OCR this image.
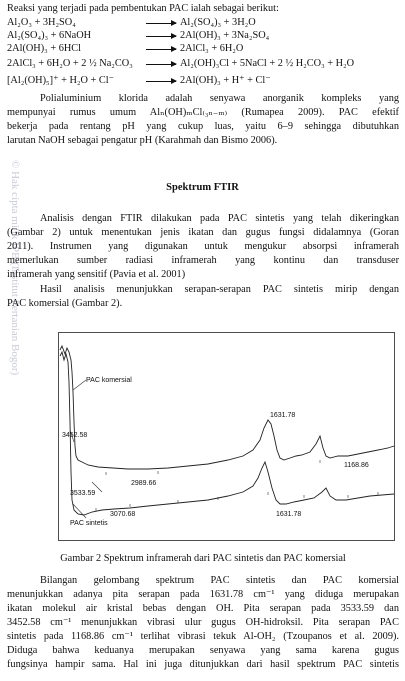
© Hak cipta milik IPB (Institut Pertanian Bogor)
Reaksi yang terjadi pada pembentukan PAC ialah sebagai berikut:
Al₂O₃ + 3H₂SO₄	→ Al₂(SO₄)₃ + 3H₂O
Al₂(SO₄)₃ + 6NaOH	→ 2Al(OH)₃ + 3Na₂SO₄
2Al(OH)₃ + 6HCl	→ 2AlCl₃ + 6H₂O
2AlCl₃ + 6H₂O + 2 ½ Na₂CO₃ → Al₂(OH)₃Cl + 5NaCl + 2 ½ H₂CO₃ + H₂O
[Al₂(OH)₅]⁺ + H₂O + Cl⁻ → 2Al(OH)₃ + H⁺ + Cl⁻
Polialuminium klorida adalah senyawa anorganik kompleks yang
mempunyai rumus umum Alₙ(OH)ₘCl₍₃ₙ₋ₘ₎ (Rumapea 2009). PAC efektif
bekerja pada rentang pH yang cukup luas, yaitu 6–9 sehingga dibutuhkan
larutan NaOH sebagai pengatur pH (Karahmah dan Bismo 2006).
Spektrum FTIR
Analisis dengan FTIR dilakukan pada PAC sintetis yang telah dikeringkan
(Gambar 2) untuk menentukan jenis ikatan dan gugus fungsi didalamnya (Goran
2011). Instrumen yang digunakan untuk mengukur absorpsi inframerah
memerlukan sumber radiasi inframerah yang kontinu dan transduser
inframerah yang sensitif (Pavia et al. 2001)
Hasil analisis menunjukkan serapan-serapan PAC sintetis mirip dengan
PAC komersial (Gambar 2).
PAC komersial
3452.58
2989.66
1631.78
1168.86
3533.59
3070.68	1631.78
PAC sintetis
Gambar 2 Spektrum inframerah dari PAC sintetis dan PAC komersial
Bilangan gelombang spektrum PAC sintetis dan PAC komersial
menunjukkan adanya pita serapan pada 1631.78 cm⁻¹ yang diduga merupakan
ikatan molekul air kristal bebas dengan OH. Pita serapan pada 3533.59 dan
3452.58 cm⁻¹ menunjukkan vibrasi ulur gugus OH-hidroksil. Pita serapan PAC
sintetis pada 1168.86 cm⁻¹ terlihat vibrasi tekuk Al-OH₂ (Tzoupanos et al. 2009).
Diduga bahwa keduanya merupakan senyawa yang sama karena gugus
fungsinya hampir sama. Hal ini juga ditunjukkan dari hasil spektrum PAC sintetis
